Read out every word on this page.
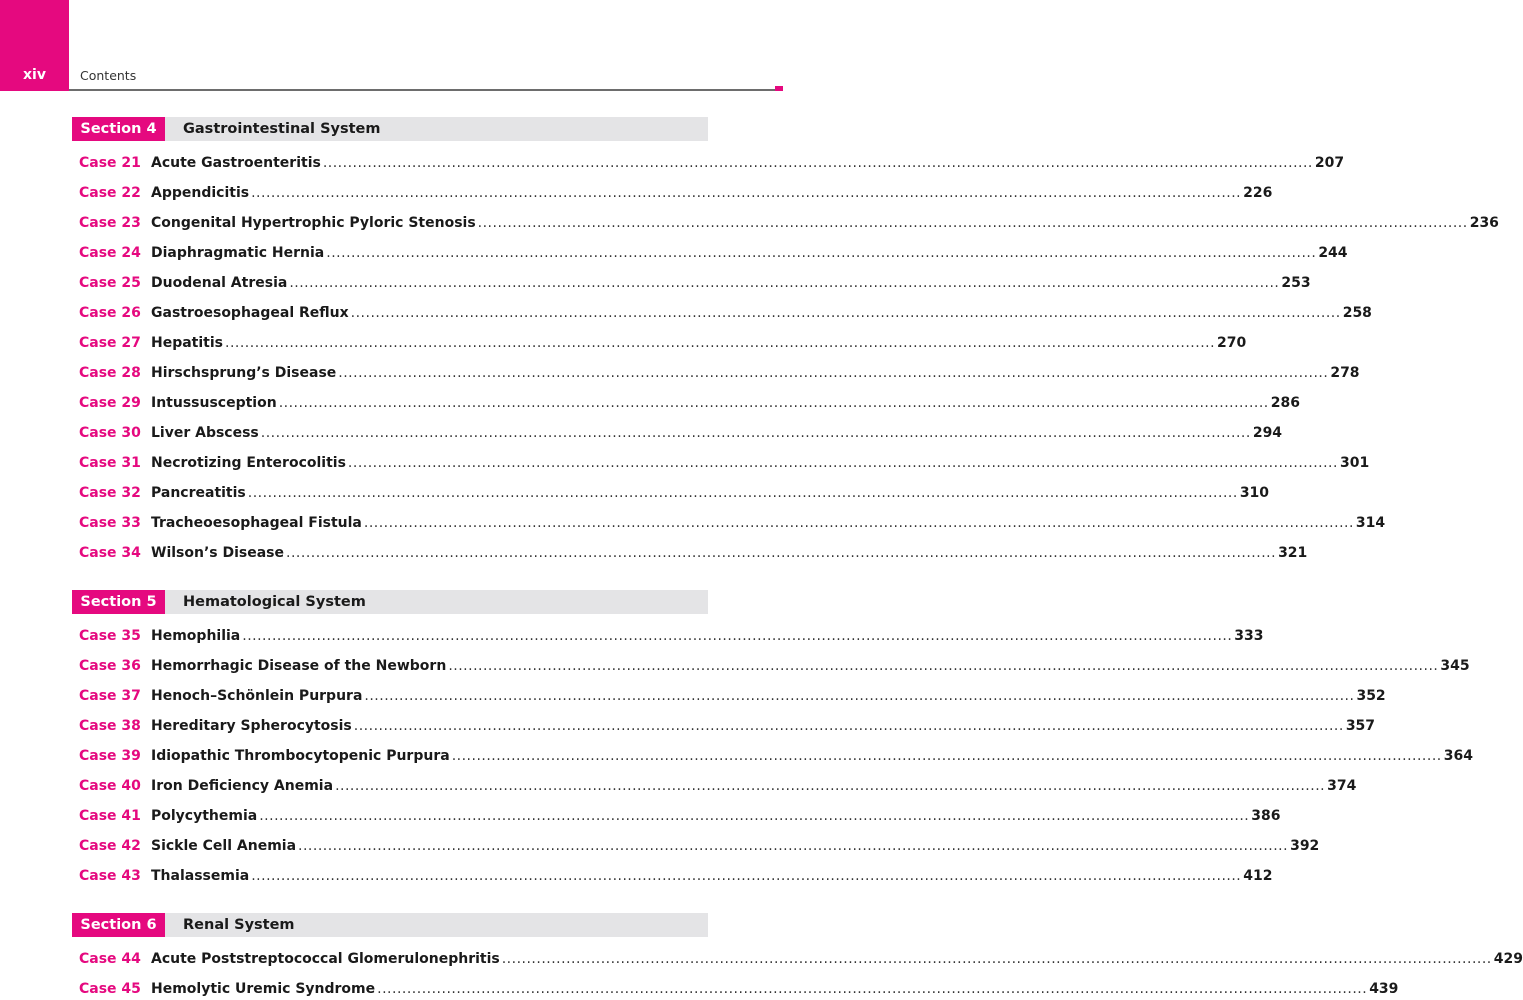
xiv	Contents
Section 4	Gastrointestinal System
Case 21 Acute Gastroenteritis ........................................................................................................................................................................................................ 207
Case 22 Appendicitis ........................................................................................................................................................................................................ 226
Case 23 Congenital Hypertrophic Pyloric Stenosis ........................................................................................................................................................................................................ 236
Case 24 Diaphragmatic Hernia ........................................................................................................................................................................................................ 244
Case 25 Duodenal Atresia ........................................................................................................................................................................................................ 253
Case 26 Gastroesophageal Reflux ........................................................................................................................................................................................................ 258
Case 27 Hepatitis ........................................................................................................................................................................................................ 270
Case 28 Hirschsprung’s Disease ........................................................................................................................................................................................................ 278
Case 29 Intussusception ........................................................................................................................................................................................................ 286
Case 30 Liver Abscess ........................................................................................................................................................................................................ 294
Case 31 Necrotizing Enterocolitis ........................................................................................................................................................................................................ 301
Case 32 Pancreatitis ........................................................................................................................................................................................................ 310
Case 33 Tracheoesophageal Fistula ........................................................................................................................................................................................................ 314
Case 34 Wilson’s Disease ........................................................................................................................................................................................................ 321
Section 5	Hematological System
Case 35 Hemophilia ........................................................................................................................................................................................................ 333
Case 36 Hemorrhagic Disease of the Newborn ........................................................................................................................................................................................................ 345
Case 37 Henoch–Schönlein Purpura ........................................................................................................................................................................................................ 352
Case 38 Hereditary Spherocytosis ........................................................................................................................................................................................................ 357
Case 39 Idiopathic Thrombocytopenic Purpura ........................................................................................................................................................................................................ 364
Case 40 Iron Deficiency Anemia ........................................................................................................................................................................................................ 374
Case 41 Polycythemia ........................................................................................................................................................................................................ 386
Case 42 Sickle Cell Anemia ........................................................................................................................................................................................................ 392
Case 43 Thalassemia ........................................................................................................................................................................................................ 412
Section 6	Renal System
Case 44 Acute Poststreptococcal Glomerulonephritis ........................................................................................................................................................................................................ 429
Case 45 Hemolytic Uremic Syndrome ........................................................................................................................................................................................................ 439
